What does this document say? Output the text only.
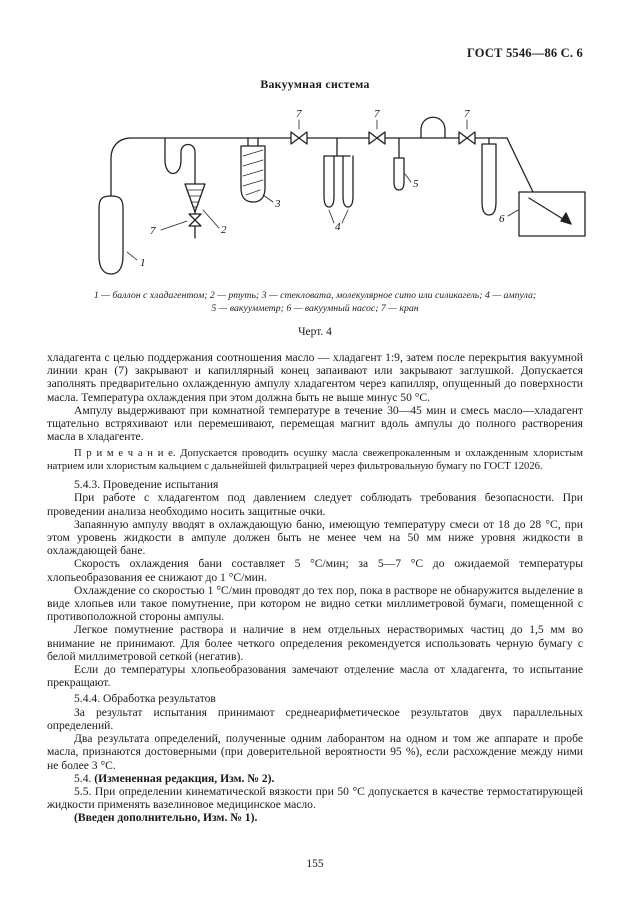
ГОСТ 5546—86 С. 6
Вакуумная система
1
7	2
3
7
4
7
5
7
6
1 — баллон с хладагентом; 2 — ртуть; 3 — стекловата, молекулярное сито или силикагель; 4 — ампула;
5 — вакуумметр; 6 — вакуумный насос; 7 — кран
Черт. 4

хладагента с целью поддержания соотношения масло — хладагент 1:9, затем после перекрытия вакуумной линии кран (7) закрывают и капиллярный конец запаивают или закрывают заглушкой. Допускается заполнять предварительно охлажденную ампулу хладагентом через капилляр, опущенный до поверхности масла. Температура охлаждения при этом должна быть не выше минус 50 °С.

Ампулу выдерживают при комнатной температуре в течение 30—45 мин и смесь масло—хладагент тщательно встряхивают или перемешивают, перемещая магнит вдоль ампулы до полного растворения масла в хладагенте.

П р и м е ч а н и е. Допускается проводить осушку масла свежепрокаленным и охлажденным хлористым натрием или хлористым кальцием с дальнейшей фильтрацией через фильтровальную бумагу по ГОСТ 12026.

5.4.3. Проведение испытания

При работе с хладагентом под давлением следует соблюдать требования безопасности. При проведении анализа необходимо носить защитные очки.

Запаянную ампулу вводят в охлаждающую баню, имеющую температуру смеси от 18 до 28 °С, при этом уровень жидкости в ампуле должен быть не менее чем на 50 мм ниже уровня жидкости в охлаждающей бане.

Скорость охлаждения бани составляет 5 °С/мин; за 5—7 °С до ожидаемой температуры хлопьеобразования ее снижают до 1 °С/мин.

Охлаждение со скоростью 1 °С/мин проводят до тех пор, пока в растворе не обнаружится выделение в виде хлопьев или такое помутнение, при котором не видно сетки миллиметровой бумаги, помещенной с противоположной стороны ампулы.

Легкое помутнение раствора и наличие в нем отдельных нерастворимых частиц до 1,5 мм во внимание не принимают. Для более четкого определения рекомендуется использовать черную бумагу с белой миллиметровой сеткой (негатив).

Если до температуры хлопьеобразования замечают отделение масла от хладагента, то испытание прекращают.

5.4.4. Обработка результатов

За результат испытания принимают среднеарифметическое результатов двух параллельных определений.

Два результата определений, полученные одним лаборантом на одном и том же аппарате и пробе масла, признаются достоверными (при доверительной вероятности 95 %), если расхождение между ними не более 3 °С.

5.4. (Измененная редакция, Изм. № 2).

5.5. При определении кинематической вязкости при 50 °С допускается в качестве термостатирующей жидкости применять вазелиновое медицинское масло.

(Введен дополнительно, Изм. № 1).

155
